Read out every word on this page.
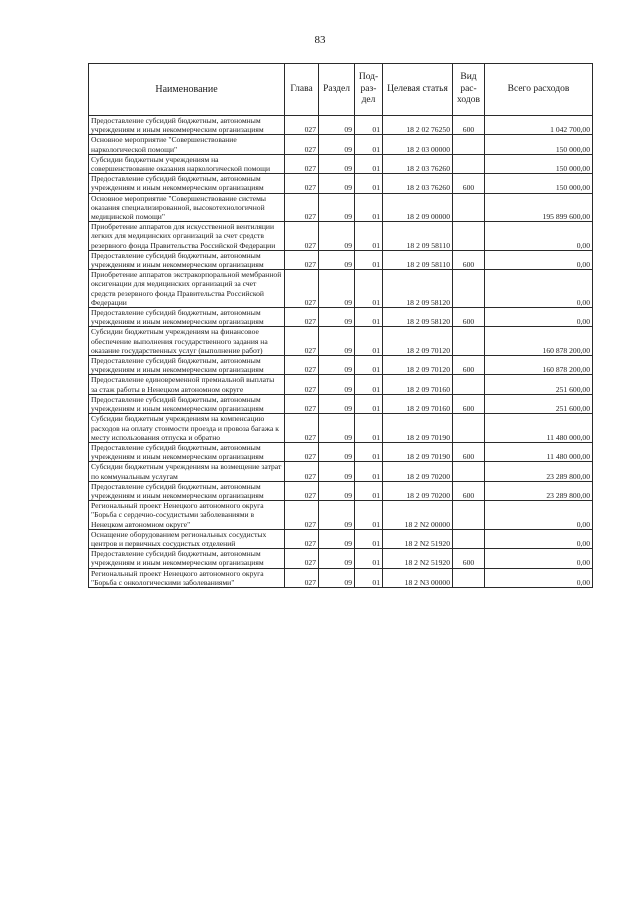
83
Наименование	Глава	Раздел	Под-раз-дел	Целевая статья	Вид рас-ходов	Всего расходов
Предоставление субсидий бюджетным, автономным учреждениям и иным некоммерческим организациям	027	09	01	18 2 02 76250	600	1 042 700,00
Основное мероприятие "Совершенствование наркологической помощи"	027	09	01	18 2 03 00000		150 000,00
Субсидии бюджетным учреждениям на совершенствование оказания наркологической помощи	027	09	01	18 2 03 76260		150 000,00
Предоставление субсидий бюджетным, автономным учреждениям и иным некоммерческим организациям	027	09	01	18 2 03 76260	600	150 000,00
Основное мероприятие "Совершенствование системы оказания специализированной, высокотехнологичной медицинской помощи"	027	09	01	18 2 09 00000		195 899 600,00
Приобретение аппаратов для искусственной вентиляции легких для медицинских организаций за счет средств резервного фонда Правительства Российской Федерации	027	09	01	18 2 09 58110		0,00
Предоставление субсидий бюджетным, автономным учреждениям и иным некоммерческим организациям	027	09	01	18 2 09 58110	600	0,00
Приобретение аппаратов экстракорпоральной мембранной оксигенации для медицинских организаций за счет средств резервного фонда Правительства Российской Федерации	027	09	01	18 2 09 58120		0,00
Предоставление субсидий бюджетным, автономным учреждениям и иным некоммерческим организациям	027	09	01	18 2 09 58120	600	0,00
Субсидии бюджетным учреждениям на финансовое обеспечение выполнения государственного задания на оказание государственных услуг (выполнение работ)	027	09	01	18 2 09 70120		160 878 200,00
Предоставление субсидий бюджетным, автономным учреждениям и иным некоммерческим организациям	027	09	01	18 2 09 70120	600	160 878 200,00
Предоставление единовременной премиальной выплаты за стаж работы в Ненецком автономном округе	027	09	01	18 2 09 70160		251 600,00
Предоставление субсидий бюджетным, автономным учреждениям и иным некоммерческим организациям	027	09	01	18 2 09 70160	600	251 600,00
Субсидии бюджетным учреждениям на компенсацию расходов на оплату стоимости проезда и провоза багажа к месту использования отпуска и обратно	027	09	01	18 2 09 70190		11 480 000,00
Предоставление субсидий бюджетным, автономным учреждениям и иным некоммерческим организациям	027	09	01	18 2 09 70190	600	11 480 000,00
Субсидии бюджетным учреждениям на возмещение затрат по коммунальным услугам	027	09	01	18 2 09 70200		23 289 800,00
Предоставление субсидий бюджетным, автономным учреждениям и иным некоммерческим организациям	027	09	01	18 2 09 70200	600	23 289 800,00
Региональный проект Ненецкого автономного округа "Борьба с сердечно-сосудистыми заболеваниями в Ненецком автономном округе"	027	09	01	18 2 N2 00000		0,00
Оснащение оборудованием региональных сосудистых центров и первичных сосудистых отделений	027	09	01	18 2 N2 51920		0,00
Предоставление субсидий бюджетным, автономным учреждениям и иным некоммерческим организациям	027	09	01	18 2 N2 51920	600	0,00
Региональный проект Ненецкого автономного округа "Борьба с онкологическими заболеваниями"	027	09	01	18 2 N3 00000		0,00
